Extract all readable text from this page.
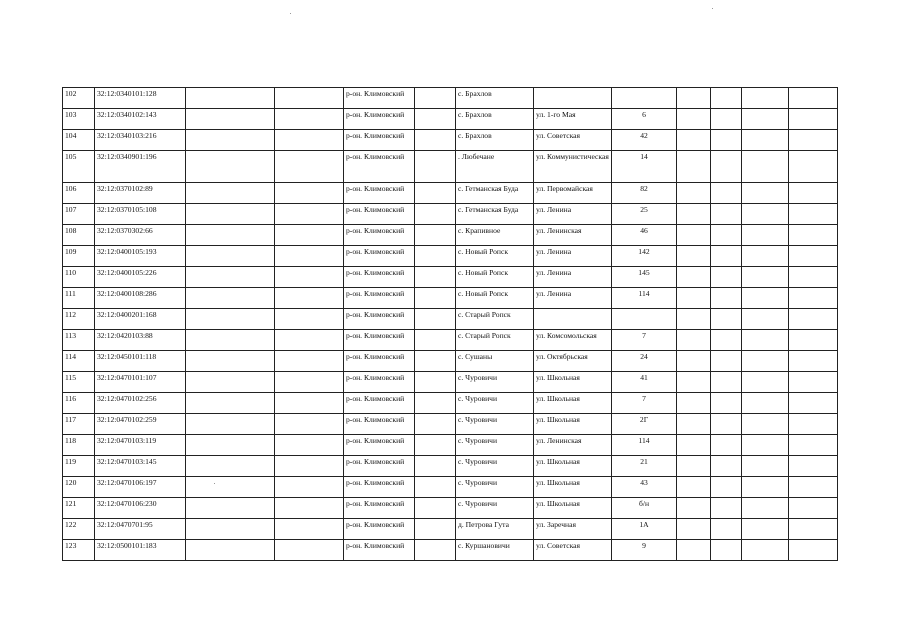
102	32:12:0340101:128			р-он. Климовский		с. Брахлов						
103	32:12:0340102:143			р-он. Климовский		с. Брахлов	ул. 1-го Мая	6				
104	32:12:0340103:216			р-он. Климовский		с. Брахлов	ул. Советская	42				
105	32:12:0340901:196			р-он. Климовский		. Любечане	ул. Коммунистическая	14				
106	32:12:0370102:89			р-он. Климовский		с. Гетманская Буда	ул. Первомайская	82				
107	32:12:0370105:108			р-он. Климовский		с. Гетманская Буда	ул. Ленина	25				
108	32:12:0370302:66			р-он. Климовский		с. Крапивное	ул. Ленинская	46				
109	32:12:0400105:193			р-он. Климовский		с. Новый Ропск	ул. Ленина	142				
110	32:12:0400105:226			р-он. Климовский		с. Новый Ропск	ул. Ленина	145				
111	32:12:0400108:286			р-он. Климовский		с. Новый Ропск	ул. Ленина	114				
112	32:12:0400201:168			р-он. Климовский		с. Старый Ропск						
113	32:12:0420103:88			р-он. Климовский		с. Старый Ропск	ул. Комсомольская	7				
114	32:12:0450101:118			р-он. Климовский		с. Сушаны	ул. Октябрьская	24				
115	32:12:0470101:107			р-он. Климовский		с. Чуровичи	ул. Школьная	41				
116	32:12:0470102:256			р-он. Климовский		с. Чуровичи	ул. Школьная	7				
117	32:12:0470102:259			р-он. Климовский		с. Чуровичи	ул. Школьная	2Г				
118	32:12:0470103:119			р-он. Климовский		с. Чуровичи	ул. Ленинская	114				
119	32:12:0470103:145			р-он. Климовский		с. Чуровичи	ул. Школьная	21				
120	32:12:0470106:197			р-он. Климовский		с. Чуровичи	ул. Школьная	43				
121	32:12:0470106:230			р-он. Климовский		с. Чуровичи	ул. Школьная	б/н				
122	32:12:0470701:95			р-он. Климовский		д. Петрова Гута	ул. Заречная	1А				
123	32:12:0500101:183			р-он. Климовский		с. Куршановичи	ул. Советская	9				
